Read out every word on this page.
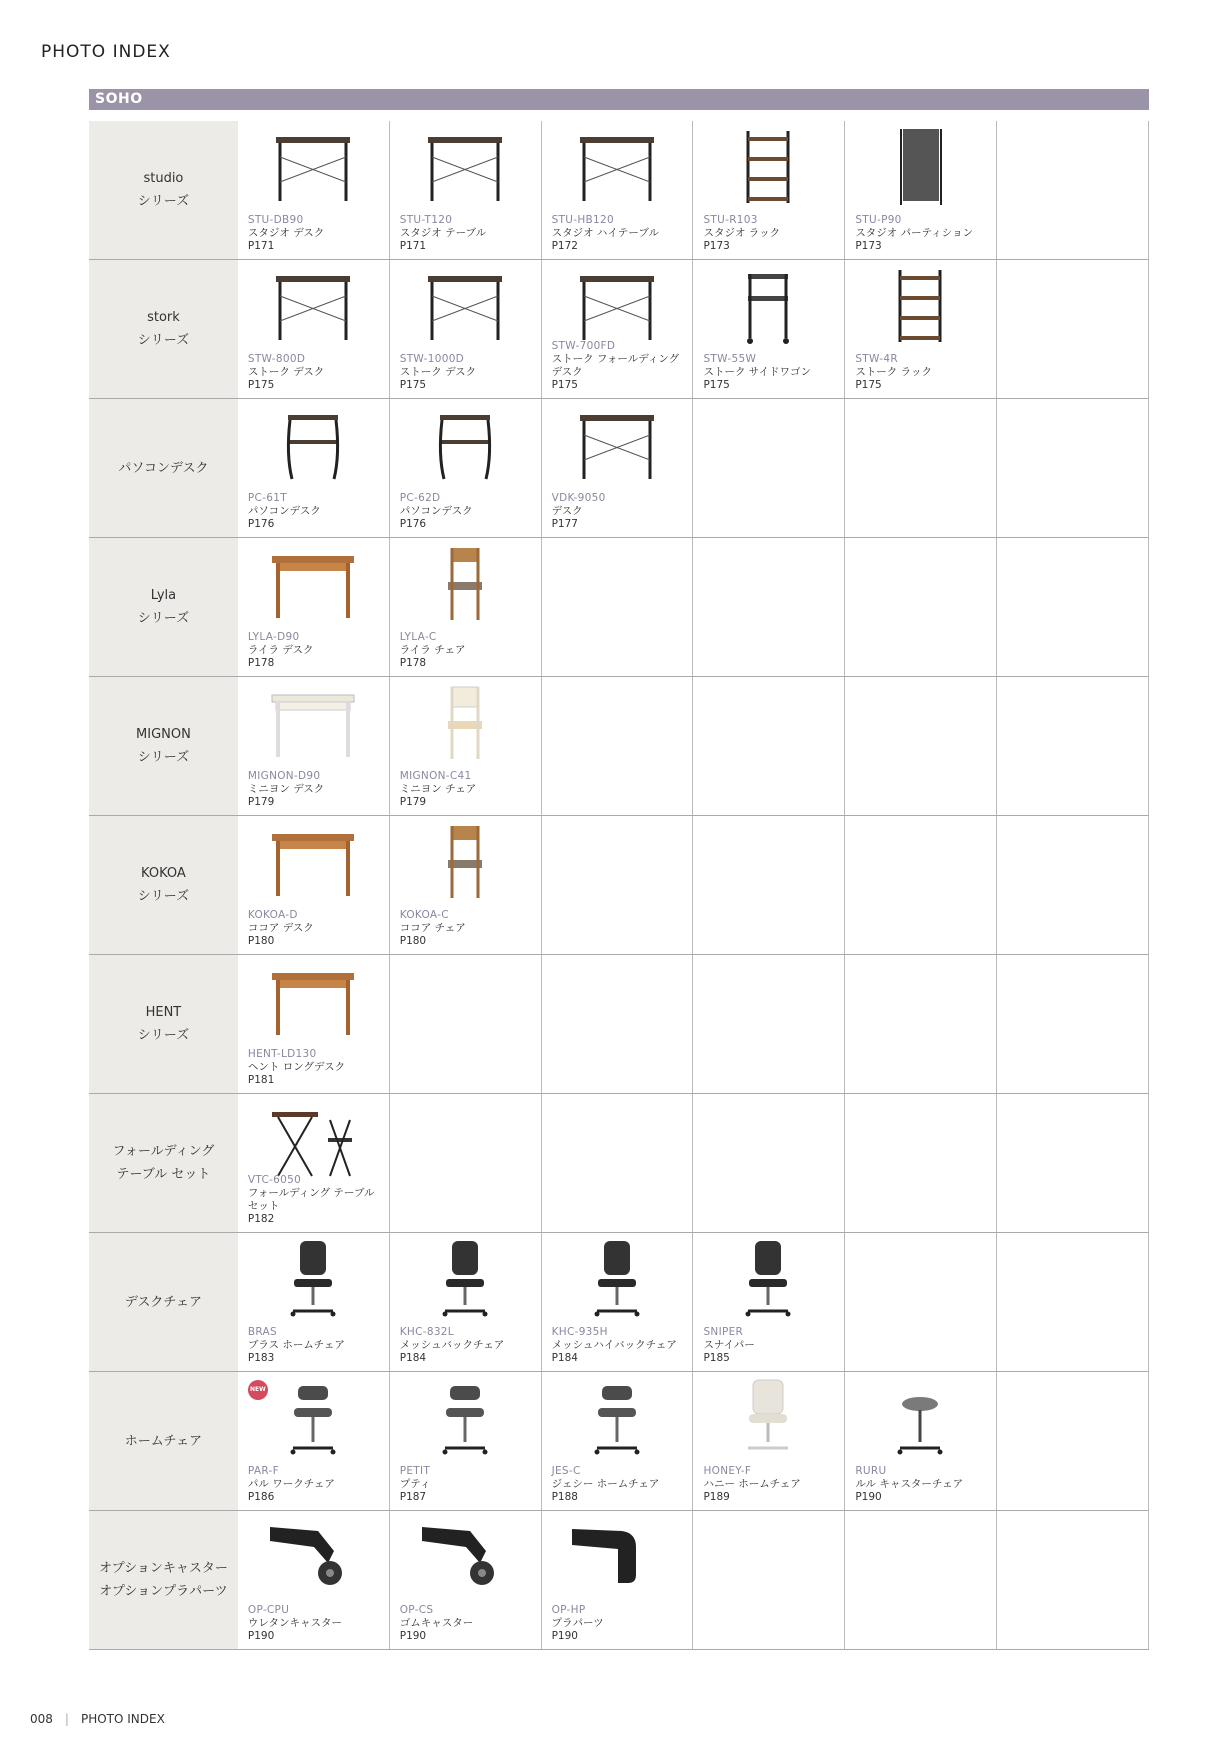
PHOTO INDEX
SOHO
studio
シリーズ
STU-DB90
スタジオ デスク
P171
STU-T120
スタジオ テーブル
P171
STU-HB120
スタジオ ハイテーブル
P172
STU-R103
スタジオ ラック
P173
STU-P90
スタジオ パーティション
P173
stork
シリーズ
STW-800D
ストーク デスク
P175
STW-1000D
ストーク デスク
P175
STW-700FD
ストーク フォールディング デスク
P175
STW-55W
ストーク サイドワゴン
P175
STW-4R
ストーク ラック
P175
パソコンデスク
PC-61T
パソコンデスク
P176
PC-62D
パソコンデスク
P176
VDK-9050
デスク
P177
Lyla
シリーズ
LYLA-D90
ライラ デスク
P178
LYLA-C
ライラ チェア
P178
MIGNON
シリーズ
MIGNON-D90
ミニヨン デスク
P179
MIGNON-C41
ミニヨン チェア
P179
KOKOA
シリーズ
KOKOA-D
ココア デスク
P180
KOKOA-C
ココア チェア
P180
HENT
シリーズ
HENT-LD130
ヘント ロングデスク
P181
フォールディング
テーブル セット	VTC-6050
フォールディング テーブルセット
P182
デスクチェア
BRAS
ブラス ホームチェア
P183
KHC-832L
メッシュバックチェア
P184
KHC-935H
メッシュハイバックチェア
P184
SNIPER
スナイパー
P185
ホームチェア
NEW
PAR-F
パル ワークチェア
P186
PETIT
プティ
P187
JES-C
ジェシー ホームチェア
P188
HONEY-F
ハニー ホームチェア
P189
RURU
ルル キャスターチェア
P190
オプションキャスター
オプションプラパーツ
OP-CPU
ウレタンキャスター
P190
OP-CS
ゴムキャスター
P190
OP-HP
プラパーツ
P190
008 | PHOTO INDEX
